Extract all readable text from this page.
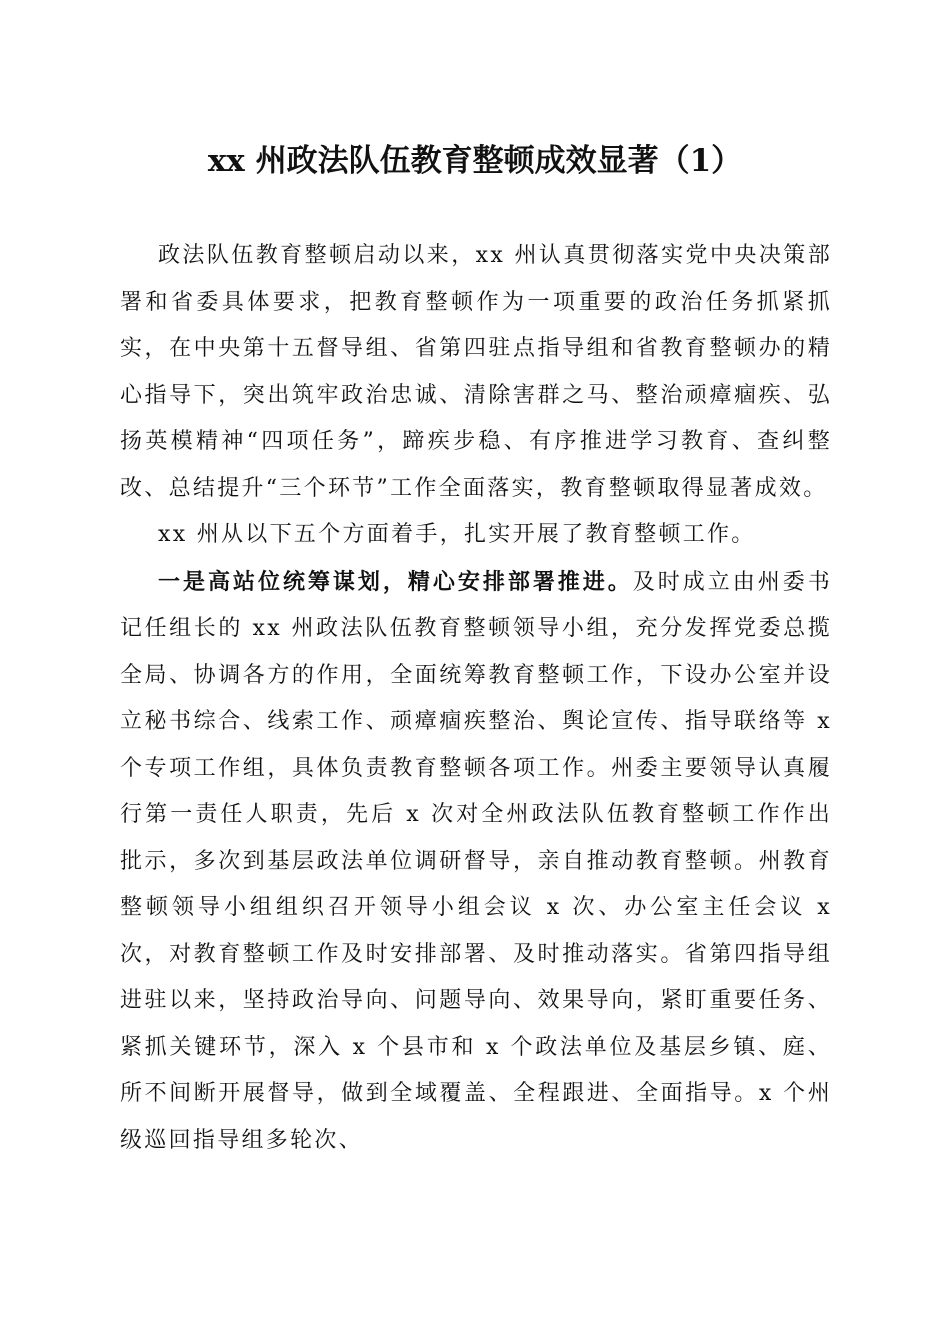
xx 州政法队伍教育整顿成效显著（1）

政法队伍教育整顿启动以来，xx 州认真贯彻落实党中央决策部署和省委具体要求，把教育整顿作为一项重要的政治任务抓紧抓实，在中央第十五督导组、省第四驻点指导组和省教育整顿办的精心指导下，突出筑牢政治忠诚、清除害群之马、整治顽瘴痼疾、弘扬英模精神“四项任务”，蹄疾步稳、有序推进学习教育、查纠整改、总结提升“三个环节”工作全面落实，教育整顿取得显著成效。

xx 州从以下五个方面着手，扎实开展了教育整顿工作。

一是高站位统筹谋划，精心安排部署推进。及时成立由州委书记任组长的 xx 州政法队伍教育整顿领导小组，充分发挥党委总揽全局、协调各方的作用，全面统筹教育整顿工作，下设办公室并设立秘书综合、线索工作、顽瘴痼疾整治、舆论宣传、指导联络等 x 个专项工作组，具体负责教育整顿各项工作。州委主要领导认真履行第一责任人职责，先后 x 次对全州政法队伍教育整顿工作作出批示，多次到基层政法单位调研督导，亲自推动教育整顿。州教育整顿领导小组组织召开领导小组会议 x 次、办公室主任会议 x 次，对教育整顿工作及时安排部署、及时推动落实。省第四指导组进驻以来，坚持政治导向、问题导向、效果导向，紧盯重要任务、紧抓关键环节，深入 x 个县市和 x 个政法单位及基层乡镇、庭、所不间断开展督导，做到全域覆盖、全程跟进、全面指导。x 个州级巡回指导组多轮次、
